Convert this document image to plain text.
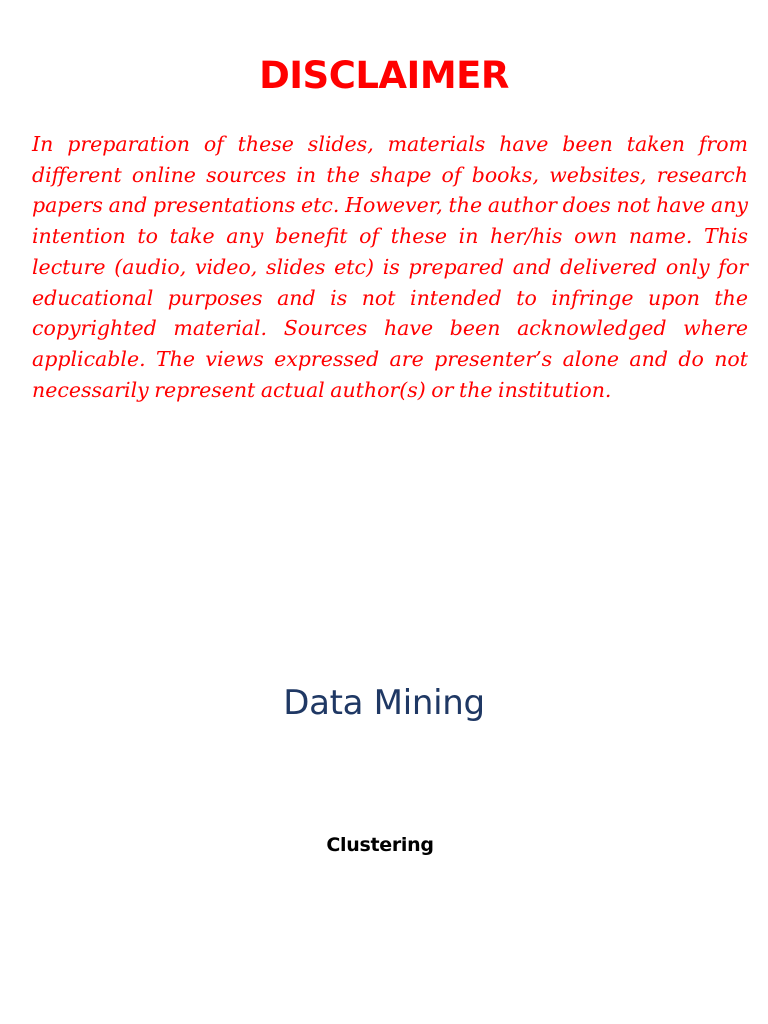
DISCLAIMER

In preparation of these slides, materials have been taken from different online sources in the shape of books, websites, research papers and presentations etc. However, the author does not have any intention to take any benefit of these in her/his own name. This lecture (audio, video, slides etc) is prepared and delivered only for educational purposes and is not intended to infringe upon the copyrighted material. Sources have been acknowledged where applicable. The views expressed are presenter’s alone and do not necessarily represent actual author(s) or the institution.

Data Mining
Clustering
